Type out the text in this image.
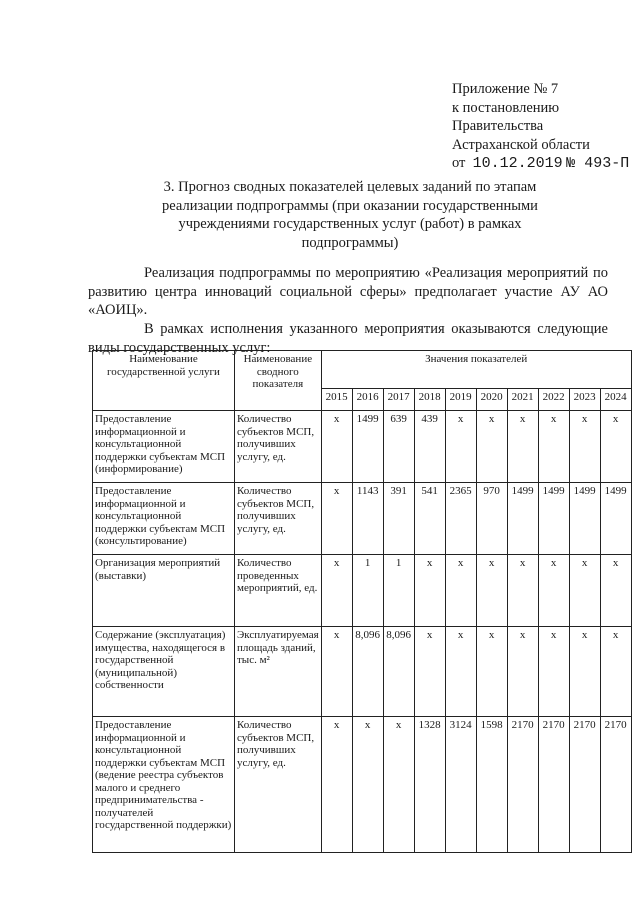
Приложение № 7
к постановлению
Правительства
Астраханской области
от 10.12.2019 № 493-П
3. Прогноз сводных показателей целевых заданий по этапам реализации подпрограммы (при оказании государственными учреждениями государственных услуг (работ) в рамках подпрограммы)
Реализация подпрограммы по мероприятию «Реализация мероприятий по развитию центра инноваций социальной сферы» предполагает участие АУ АО «АОИЦ».
В рамках исполнения указанного мероприятия оказываются следующие виды государственных услуг:
Наименование государственной услуги	Наименование сводного показателя	Значения показателей									
		2015	2016	2017	2018	2019	2020	2021	2022	2023	2024
Предоставление информационной и консультационной поддержки субъектам МСП (информирование)	Количество субъектов МСП, получивших услугу, ед.	x	1499	639	439	x	x	x	x	x	x
Предоставление информационной и консультационной поддержки субъектам МСП (консультирование)	Количество субъектов МСП, получивших услугу, ед.	x	1143	391	541	2365	970	1499	1499	1499	1499
Организация мероприятий (выставки)	Количество проведенных мероприятий, ед.	x	1	1	x	x	x	x	x	x	x
Содержание (эксплуатация) имущества, находящегося в государственной (муниципальной) собственности	Эксплуатируемая площадь зданий, тыс. м²	x	8,096	8,096	x	x	x	x	x	x	x
Предоставление информационной и консультационной поддержки субъектам МСП (ведение реестра субъектов малого и среднего предпринимательства - получателей государственной поддержки)	Количество субъектов МСП, получивших услугу, ед.	x	x	x	1328	3124	1598	2170	2170	2170	2170
